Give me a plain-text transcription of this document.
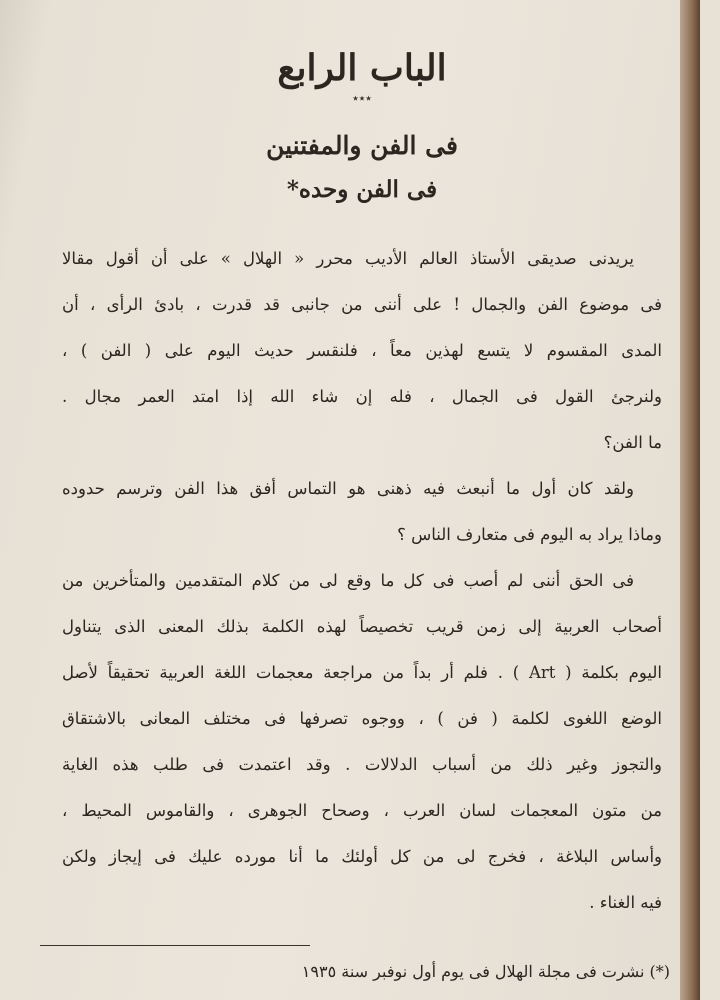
الباب الرابع
٭٭٭
فى الفن والمفتنين
فى الفن وحده*
يريدنى صديقى الأستاذ العالم الأديب محرر « الهلال » على أن أقول مقالا
فى موضوع الفن والجمال ! على أننى من جانبى قد قدرت ، بادئ الرأى ، أن
المدى المقسوم لا يتسع لهذين معاً ، فلنقسر حديث اليوم على ( الفن ) ،
ولنرجئ القول فى الجمال ، فله إن شاء الله إذا امتد العمر مجال .
ما الفن؟
ولقد كان أول ما أنبعث فيه ذهنى هو التماس أفق هذا الفن وترسم حدوده
وماذا يراد به اليوم فى متعارف الناس ؟
فى الحق أننى لم أصب فى كل ما وقع لى من كلام المتقدمين والمتأخرين من
أصحاب العربية إلى زمن قريب تخصيصاً لهذه الكلمة بذلك المعنى الذى يتناول
اليوم بكلمة ( Art ) . فلم أر بداً من مراجعة معجمات اللغة العربية تحقيقاً لأصل
الوضع اللغوى لكلمة ( فن ) ، ووجوه تصرفها فى مختلف المعانى بالاشتقاق
والتجوز وغير ذلك من أسباب الدلالات . وقد اعتمدت فى طلب هذه الغاية
من متون المعجمات لسان العرب ، وصحاح الجوهرى ، والقاموس المحيط ،
وأساس البلاغة ، فخرج لى من كل أولئك ما أنا مورده عليك فى إيجاز ولكن
فيه الغناء .
(*) نشرت فى مجلة الهلال فى يوم أول نوفبر سنة ١٩٣٥
